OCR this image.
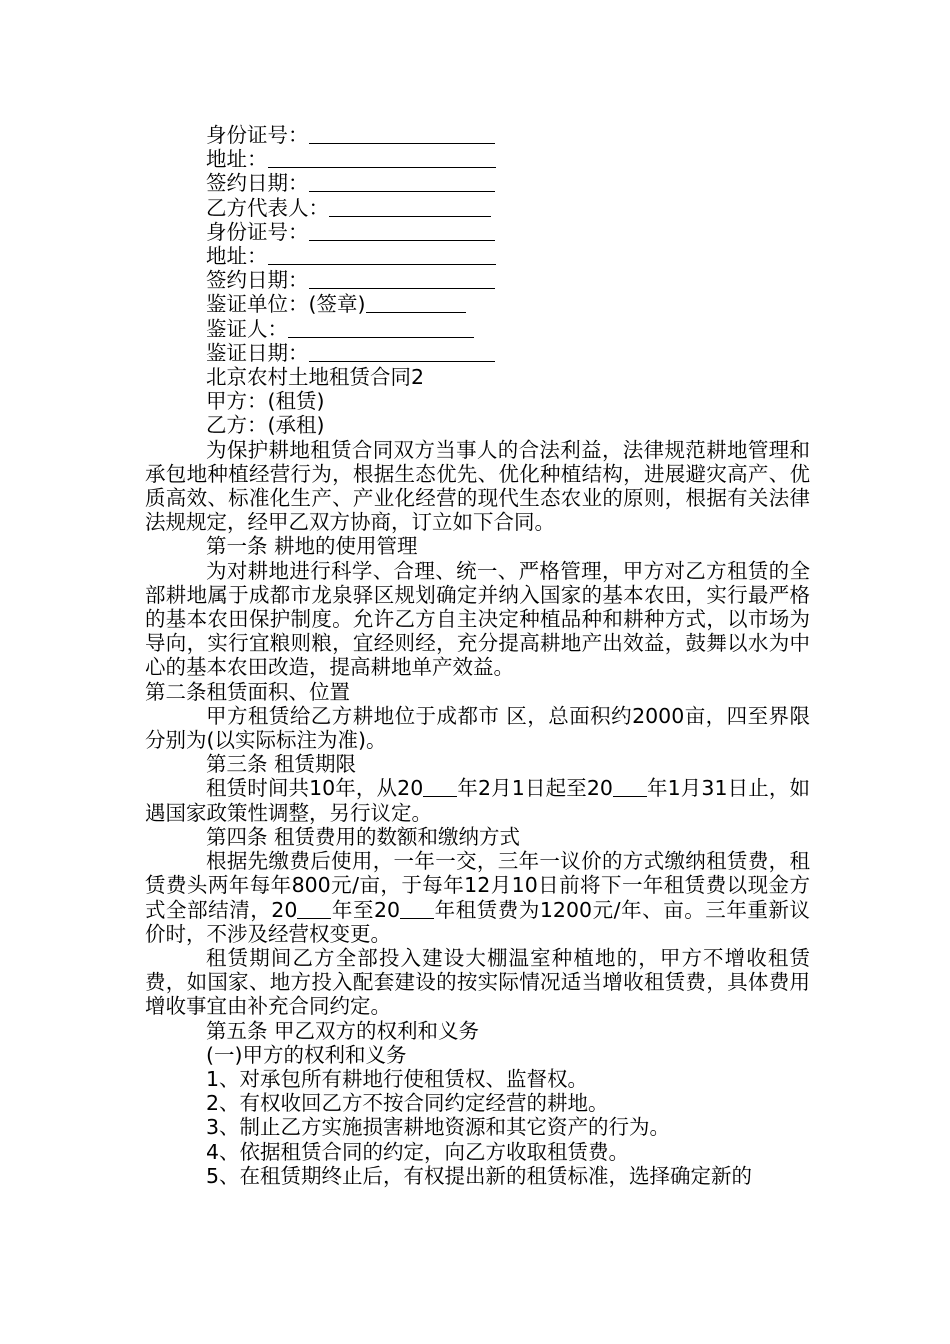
身份证号：
地址：
签约日期：
乙方代表人：
身份证号：
地址：
签约日期：
鉴证单位：(签章)
鉴证人：
鉴证日期：
北京农村土地租赁合同2
甲方：(租赁)
乙方：(承租)
为保护耕地租赁合同双方当事人的合法利益，法律规范耕地管理和承包地种植经营行为，根据生态优先、优化种植结构，进展避灾高产、优质高效、标准化生产、产业化经营的现代生态农业的原则，根据有关法律法规规定，经甲乙双方协商，订立如下合同。
第一条 耕地的使用管理
为对耕地进行科学、合理、统一、严格管理，甲方对乙方租赁的全部耕地属于成都市龙泉驿区规划确定并纳入国家的基本农田，实行最严格的基本农田保护制度。允许乙方自主决定种植品种和耕种方式，以市场为导向，实行宜粮则粮，宜经则经，充分提高耕地产出效益，鼓舞以水为中心的基本农田改造，提高耕地单产效益。
第二条租赁面积、位置
甲方租赁给乙方耕地位于成都市 区，总面积约2000亩，四至界限分别为(以实际标注为准)。
第三条 租赁期限
租赁时间共10年，从20 年2月1日起至20 年1月31日止，如遇国家政策性调整，另行议定。
第四条 租赁费用的数额和缴纳方式
根据先缴费后使用，一年一交，三年一议价的方式缴纳租赁费，租赁费头两年每年800元/亩，于每年12月10日前将下一年租赁费以现金方式全部结清，20 年至20 年租赁费为1200元/年、亩。三年重新议价时，不涉及经营权变更。
租赁期间乙方全部投入建设大棚温室种植地的，甲方不增收租赁费，如国家、地方投入配套建设的按实际情况适当增收租赁费，具体费用增收事宜由补充合同约定。
第五条 甲乙双方的权利和义务
(一)甲方的权利和义务
1、对承包所有耕地行使租赁权、监督权。
2、有权收回乙方不按合同约定经营的耕地。
3、制止乙方实施损害耕地资源和其它资产的行为。
4、依据租赁合同的约定，向乙方收取租赁费。
5、在租赁期终止后，有权提出新的租赁标准，选择确定新的
